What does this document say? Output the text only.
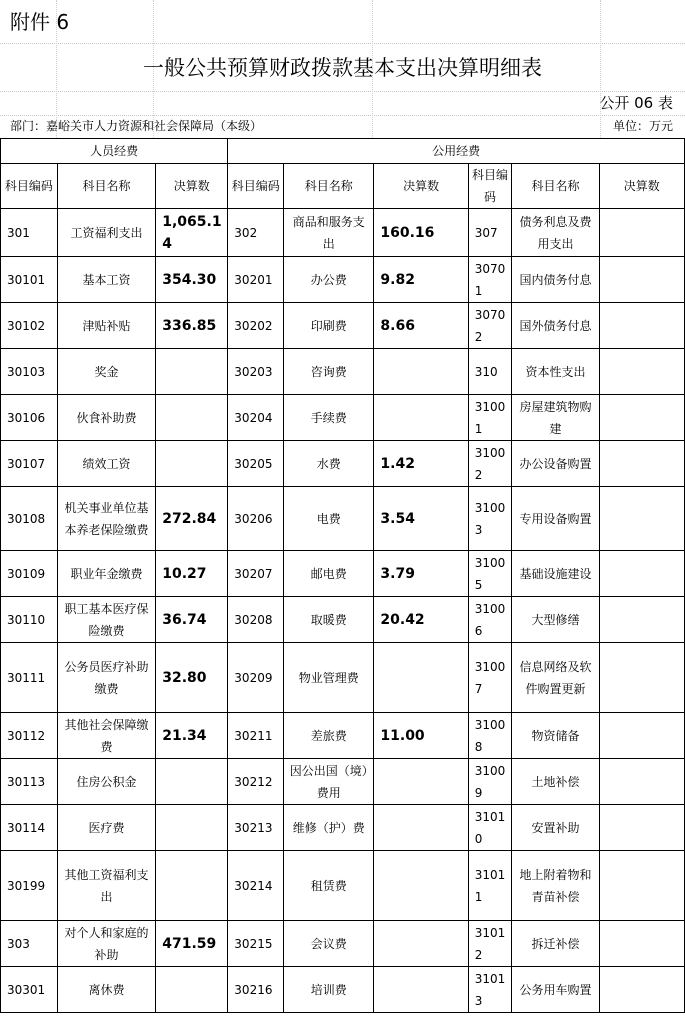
附件 6
一般公共预算财政拨款基本支出决算明细表
公开 06 表
部门：嘉峪关市人力资源和社会保障局（本级）	单位：万元
人员经费			公用经费					
科目编码	科目名称	决算数	科目编码	科目名称	决算数	科目编码	科目名称	决算数
301	工资福利支出	1,065.14	302	商品和服务支出	160.16	307	债务利息及费用支出	
30101	基本工资	354.30	30201	办公费	9.82	30701	国内债务付息	
30102	津贴补贴	336.85	30202	印刷费	8.66	30702	国外债务付息	
30103	奖金		30203	咨询费		310	资本性支出	
30106	伙食补助费		30204	手续费		31001	房屋建筑物购建	
30107	绩效工资		30205	水费	1.42	31002	办公设备购置	
30108	机关事业单位基本养老保险缴费	272.84	30206	电费	3.54	31003	专用设备购置	
30109	职业年金缴费	10.27	30207	邮电费	3.79	31005	基础设施建设	
30110	职工基本医疗保险缴费	36.74	30208	取暖费	20.42	31006	大型修缮	
30111	公务员医疗补助缴费	32.80	30209	物业管理费		31007	信息网络及软件购置更新	
30112	其他社会保障缴费	21.34	30211	差旅费	11.00	31008	物资储备	
30113	住房公积金		30212	因公出国（境）费用		31009	土地补偿	
30114	医疗费		30213	维修（护）费		31010	安置补助	
30199	其他工资福利支出		30214	租赁费		31011	地上附着物和青苗补偿	
303	对个人和家庭的补助	471.59	30215	会议费		31012	拆迁补偿	
30301	离休费		30216	培训费		31013	公务用车购置	
